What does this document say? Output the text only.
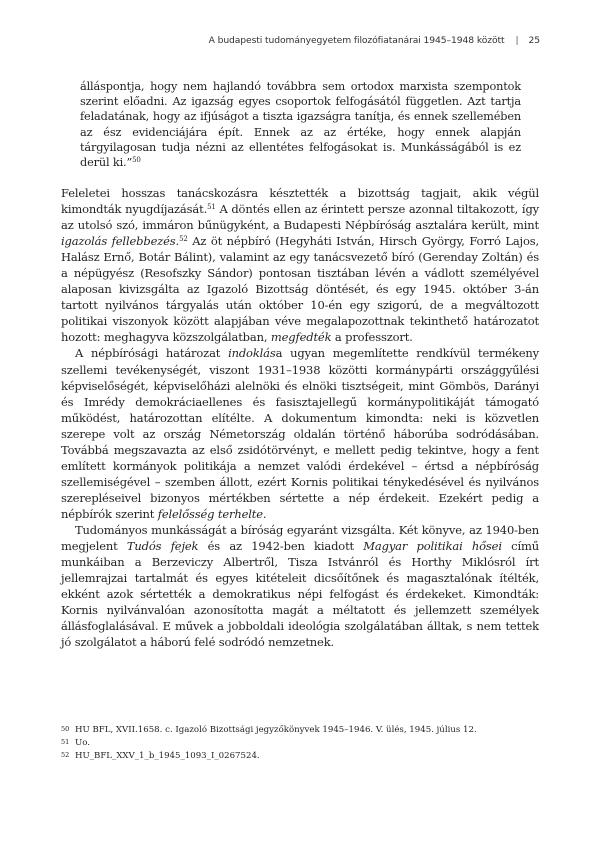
A budapesti tudományegyetem filozófiatanárai 1945–1948 között | 25
álláspontja, hogy nem hajlandó továbbra sem ortodox marxista szempontok szerint előadni. Az igazság egyes csoportok felfogásától független. Azt tartja feladatának, hogy az ifjúságot a tiszta igazságra tanítja, és ennek szellemében az ész evidenciájára épít. Ennek az az értéke, hogy ennek alapján tárgyilagosan tudja nézni az ellentétes felfogásokat is. Munkásságából is ez derül ki.”$^{50}$

Feleletei hosszas tanácskozásra késztették a bizottság tagjait, akik végül kimondták nyugdíjazását.$^{51}$ A döntés ellen az érintett persze azonnal tiltakozott, így az utolsó szó, immáron bűnügyként, a Budapesti Népbíróság asztalára került, mint igazolás fellebbezés.$^{52}$ Az öt népbíró (Hegyháti István, Hirsch György, Forró Lajos, Halász Ernő, Botár Bálint), valamint az egy tanácsvezető bíró (Gerenday Zoltán) és a népügyész (Resofszky Sándor) pontosan tisztában lévén a vádlott személyével alaposan kivizsgálta az Igazoló Bizottság döntését, és egy 1945. október 3-án tartott nyilvános tárgyalás után október 10-én egy szigorú, de a megváltozott politikai viszonyok között alapjában véve megalapozottnak tekinthető határozatot hozott: meghagyva közszolgálatban, megfedték a professzort.

A népbírósági határozat indoklása ugyan megemlítette rendkívül termékeny szellemi tevékenységét, viszont 1931–1938 közötti kormánypárti országgyűlési képviselőségét, képviselőházi alelnöki és elnöki tisztségeit, mint Gömbös, Darányi és Imrédy demokráciaellenes és fasisztajellegű kormánypolitikáját támogató működést, határozottan elítélte. A dokumentum kimondta: neki is közvetlen szerepe volt az ország Németország oldalán történő háborúba sodródásában. Továbbá megszavazta az első zsidótörvényt, e mellett pedig tekintve, hogy a fent említett kormányok politikája a nemzet valódi érdekével – értsd a népbíróság szellemiségével – szemben állott, ezért Kornis politikai ténykedésével és nyilvános szerepléseivel bizonyos mértékben sértette a nép érdekeit. Ezekért pedig a népbírók szerint felelősség terhelte.

Tudományos munkásságát a bíróság egyaránt vizsgálta. Két könyve, az 1940-ben megjelent Tudós fejek és az 1942-ben kiadott Magyar politikai hősei című munkáiban a Berzeviczy Albertről, Tisza Istvánról és Horthy Miklósról írt jellemrajzai tartalmát és egyes kitételeit dicsőítőnek és magasztalónak ítélték, ekként azok sértették a demokratikus népi felfogást és érdekeket. Kimondták: Kornis nyilvánvalóan azonosította magát a méltatott és jellemzett személyek állásfoglalásával. E művek a jobboldali ideológia szolgálatában álltak, s nem tettek jó szolgálatot a háború felé sodródó nemzetnek.

50 HU BFL, XVII.1658. c. Igazoló Bizottsági jegyzőkönyvek 1945–1946. V. ülés, 1945. július 12.
51 Uo.
52 HU_BFL_XXV_1_b_1945_1093_I_0267524.
